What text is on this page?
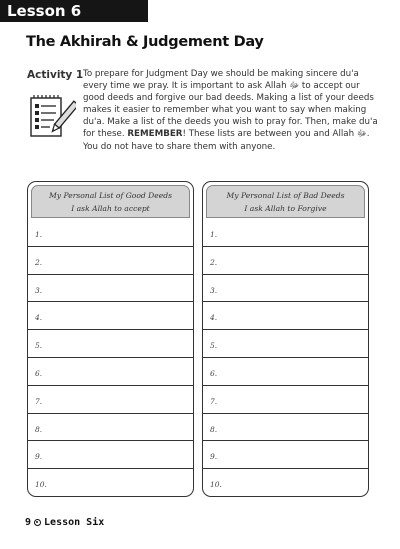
Lesson 6
The Akhirah & Judgement Day
Activity 1 To prepare for Judgment Day we should be making sincere du'a every time we pray. It is important to ask Allah ﷻ to accept our good deeds and forgive our bad deeds. Making a list of your deeds makes it easier to remember what you want to say when making du'a. Make a list of the deeds you wish to pray for. Then, make du'a for these. REMEMBER! These lists are between you and Allah ﷻ. You do not have to share them with anyone.

My Personal List of Good Deeds
I ask Allah to accept
1.
2.
3.
4.
5.
6.
7.
8.
9.
10.
My Personal List of Bad Deeds
I ask Allah to Forgive
1.
2.
3.
4.
5.
6.
7.
8.
9.
10.
9 Lesson Six
